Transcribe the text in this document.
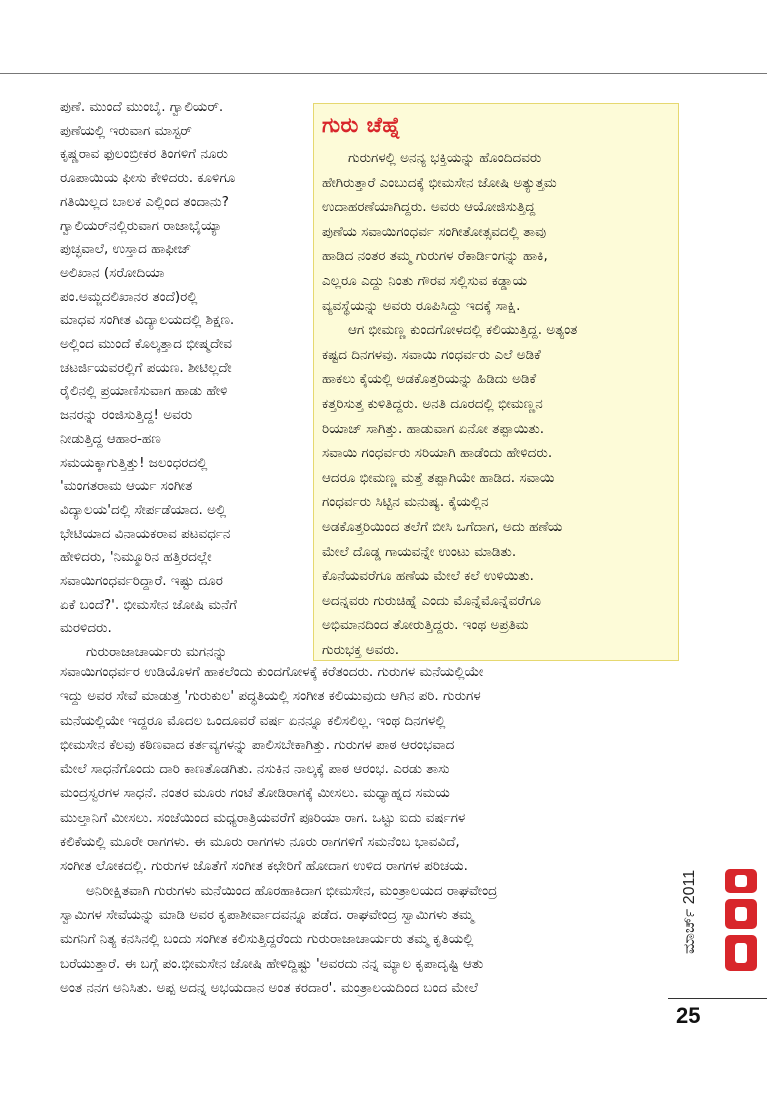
ಪುಣೆ. ಮುಂದೆ ಮುಂಬೈ. ಗ್ವಾಲಿಯರ್.
ಪುಣೆಯಲ್ಲಿ ಇರುವಾಗ ಮಾಸ್ಟರ್
ಕೃಷ್ಣರಾವ ಫುಲಂಬ್ರೀಕರ ತಿಂಗಳಿಗೆ ನೂರು
ರೂಪಾಯಿಯ ಫೀಸು ಕೇಳಿದರು. ಕೂಳಿಗೂ
ಗತಿಯಿಲ್ಲದ ಬಾಲಕ ಎಲ್ಲಿಂದ ತಂದಾನು?
ಗ್ವಾಲಿಯರ್‌ನಲ್ಲಿರುವಾಗ ರಾಜಾಭೈಯ್ಯಾ
ಪುಚ್ಛವಾಲೆ, ಉಸ್ತಾದ ಹಾಫೀಜ್
ಅಲಿಖಾನ (ಸರೋದಿಯಾ
ಪಂ.ಅಮ್ಜದಲಿಖಾನರ ತಂದೆ)ರಲ್ಲಿ
ಮಾಧವ ಸಂಗೀತ ವಿದ್ಯಾಲಯದಲ್ಲಿ ಶಿಕ್ಷಣ.
ಅಲ್ಲಿಂದ ಮುಂದೆ ಕೊಲ್ಕತ್ತಾದ ಭೀಷ್ಮದೇವ
ಚಟರ್ಜಿಯವರಲ್ಲಿಗೆ ಪಯಣ. ಶೀಟಿಲ್ಲದೇ
ರೈಲಿನಲ್ಲಿ ಪ್ರಯಾಣಿಸುವಾಗ ಹಾಡು ಹೇಳಿ
ಜನರನ್ನು ರಂಜಿಸುತ್ತಿದ್ದ! ಅವರು
ನೀಡುತ್ತಿದ್ದ ಆಹಾರ-ಹಣ
ಸಮಯಕ್ಕಾಗುತ್ತಿತ್ತು! ಜಲಂಧರದಲ್ಲಿ
'ಮಂಗತರಾಮ ಆರ್ಯ ಸಂಗೀತ
ವಿದ್ಯಾಲಯ'ದಲ್ಲಿ ಸೇರ್ಪಡೆಯಾದ. ಅಲ್ಲಿ
ಭೇಟಿಯಾದ ವಿನಾಯಕರಾವ ಪಟವರ್ಧನ
ಹೇಳಿದರು, 'ನಿಮ್ಮೂರಿನ ಹತ್ತಿರದಲ್ಲೇ
ಸವಾಯಿಗಂಧರ್ವರಿದ್ದಾರೆ. ಇಷ್ಟು ದೂರ
ಏಕೆ ಬಂದೆ?'. ಭೀಮಸೇನ ಜೋಷಿ ಮನೆಗೆ
ಮರಳಿದರು.
ಗುರುರಾಜಾಚಾರ್ಯರು ಮಗನನ್ನು
ಗುರು ಚೆಹ್ನೆ
ಗುರುಗಳಲ್ಲಿ ಅನನ್ಯ ಭಕ್ತಿಯನ್ನು ಹೊಂದಿದವರು
ಹೇಗಿರುತ್ತಾರೆ ಎಂಬುದಕ್ಕೆ ಭೀಮಸೇನ ಜೋಷಿ ಅತ್ಯುತ್ತಮ
ಉದಾಹರಣೆಯಾಗಿದ್ದರು. ಅವರು ಆಯೋಜಿಸುತ್ತಿದ್ದ
ಪುಣೆಯ ಸವಾಯಿಗಂಧರ್ವ ಸಂಗೀತೋತ್ಸವದಲ್ಲಿ ತಾವು
ಹಾಡಿದ ನಂತರ ತಮ್ಮ ಗುರುಗಳ ರೆಕಾರ್ಡಿಂಗನ್ನು ಹಾಕಿ,
ಎಲ್ಲರೂ ಎದ್ದು ನಿಂತು ಗೌರವ ಸಲ್ಲಿಸುವ ಕಡ್ಡಾಯ
ವ್ಯವಸ್ಥೆಯನ್ನು ಅವರು ರೂಪಿಸಿದ್ದು ಇದಕ್ಕೆ ಸಾಕ್ಷಿ.
ಆಗ ಭೀಮಣ್ಣ ಕುಂದಗೋಳದಲ್ಲಿ ಕಲಿಯುತ್ತಿದ್ದ. ಅತ್ಯಂತ
ಕಷ್ಟದ ದಿನಗಳವು. ಸವಾಯಿ ಗಂಧರ್ವರು ಎಲೆ ಅಡಿಕೆ
ಹಾಕಲು ಕೈಯಲ್ಲಿ ಅಡಕೊತ್ತರಿಯನ್ನು ಹಿಡಿದು ಅಡಿಕೆ
ಕತ್ತರಿಸುತ್ತ ಕುಳಿತಿದ್ದರು. ಅನತಿ ದೂರದಲ್ಲಿ ಭೀಮಣ್ಣನ
ರಿಯಾಜ್ ಸಾಗಿತ್ತು. ಹಾಡುವಾಗ ಏನೋ ತಪ್ಪಾಯಿತು.
ಸವಾಯಿ ಗಂಧರ್ವರು ಸರಿಯಾಗಿ ಹಾಡೆಂದು ಹೇಳಿದರು.
ಆದರೂ ಭೀಮಣ್ಣ ಮತ್ತೆ ತಪ್ಪಾಗಿಯೇ ಹಾಡಿದ. ಸವಾಯಿ
ಗಂಧರ್ವರು ಸಿಟ್ಟಿನ ಮನುಷ್ಯ. ಕೈಯಲ್ಲಿನ
ಅಡಕೊತ್ತರಿಯಿಂದ ತಲೆಗೆ ಬೀಸಿ ಒಗೆದಾಗ, ಅದು ಹಣೆಯ
ಮೇಲೆ ದೊಡ್ಡ ಗಾಯವನ್ನೇ ಉಂಟು ಮಾಡಿತು.
ಕೊನೆಯವರೆಗೂ ಹಣೆಯ ಮೇಲೆ ಕಲೆ ಉಳಿಯಿತು.
ಅದನ್ನವರು ಗುರುಚಿಹ್ನೆ ಎಂದು ಮೊನ್ನೆಮೊನ್ನೆವರೆಗೂ
ಅಭಿಮಾನದಿಂದ ತೋರುತ್ತಿದ್ದರು. ಇಂಥ ಅಪ್ರತಿಮ
ಗುರುಭಕ್ತ ಅವರು.
ಸವಾಯಿಗಂಧರ್ವರ ಉಡಿಯೊಳಗೆ ಹಾಕಲೆಂದು ಕುಂದಗೋಳಕ್ಕೆ ಕರೆತಂದರು. ಗುರುಗಳ ಮನೆಯಲ್ಲಿಯೇ
ಇದ್ದು ಅವರ ಸೇವೆ ಮಾಡುತ್ತ 'ಗುರುಕುಲ' ಪದ್ಧತಿಯಲ್ಲಿ ಸಂಗೀತ ಕಲಿಯುವುದು ಆಗಿನ ಪರಿ. ಗುರುಗಳ
ಮನೆಯಲ್ಲಿಯೇ ಇದ್ದರೂ ಮೊದಲ ಒಂದೂವರೆ ವರ್ಷ ಏನನ್ನೂ ಕಲಿಸಲಿಲ್ಲ. ಇಂಥ ದಿನಗಳಲ್ಲಿ
ಭೀಮಸೇನ ಕೆಲವು ಕಠಿಣವಾದ ಕರ್ತವ್ಯಗಳನ್ನು ಪಾಲಿಸಬೇಕಾಗಿತ್ತು. ಗುರುಗಳ ಪಾಠ ಆರಂಭವಾದ
ಮೇಲೆ ಸಾಧನೆಗೊಂದು ದಾರಿ ಕಾಣತೊಡಗಿತು. ನಸುಕಿನ ನಾಲ್ಕಕ್ಕೆ ಪಾಠ ಆರಂಭ. ಎರಡು ತಾಸು
ಮಂದ್ರಸ್ವರಗಳ ಸಾಧನೆ. ನಂತರ ಮೂರು ಗಂಟೆ ತೋಡಿರಾಗಕ್ಕೆ ಮೀಸಲು. ಮಧ್ಯಾಹ್ನದ ಸಮಯ
ಮುಲ್ತಾನಿಗೆ ಮೀಸಲು. ಸಂಜೆಯಿಂದ ಮಧ್ಯರಾತ್ರಿಯವರೆಗೆ ಪೂರಿಯಾ ರಾಗ. ಒಟ್ಟು ಐದು ವರ್ಷಗಳ
ಕಲಿಕೆಯಲ್ಲಿ ಮೂರೇ ರಾಗಗಳು. ಈ ಮೂರು ರಾಗಗಳು ನೂರು ರಾಗಗಳಿಗೆ ಸಮನೆಂಬ ಭಾವವಿದೆ,
ಸಂಗೀತ ಲೋಕದಲ್ಲಿ. ಗುರುಗಳ ಜೊತೆಗೆ ಸಂಗೀತ ಕಛೇರಿಗೆ ಹೋದಾಗ ಉಳಿದ ರಾಗಗಳ ಪರಿಚಯ.
ಅನಿರೀಕ್ಷಿತವಾಗಿ ಗುರುಗಳು ಮನೆಯಿಂದ ಹೊರಹಾಕಿದಾಗ ಭೀಮಸೇನ, ಮಂತ್ರಾಲಯದ ರಾಘವೇಂದ್ರ
ಸ್ವಾಮಿಗಳ ಸೇವೆಯನ್ನು ಮಾಡಿ ಅವರ ಕೃಪಾಶೀರ್ವಾದವನ್ನೂ ಪಡೆದ. ರಾಘವೇಂದ್ರ ಸ್ವಾಮಿಗಳು ತಮ್ಮ
ಮಗನಿಗೆ ನಿತ್ಯ ಕನಸಿನಲ್ಲಿ ಬಂದು ಸಂಗೀತ ಕಲಿಸುತ್ತಿದ್ದರೆಂದು ಗುರುರಾಜಾಚಾರ್ಯರು ತಮ್ಮ ಕೃತಿಯಲ್ಲಿ
ಬರೆಯುತ್ತಾರೆ. ಈ ಬಗ್ಗೆ ಪಂ.ಭೀಮಸೇನ ಜೋಷಿ ಹೇಳಿದ್ದಿಷ್ಟು 'ಅವರದು ನನ್ನ ಮ್ಯಾಲ ಕೃಪಾದೃಷ್ಟಿ ಆತು
ಅಂತ ನನಗ ಅನಿಸಿತು. ಅಪ್ಪ ಅದನ್ನ ಅಭಯದಾನ ಅಂತ ಕರದಾರ'. ಮಂತ್ರಾಲಯದಿಂದ ಬಂದ ಮೇಲೆ
ಮಾರ್ಚ್ 2011
25
